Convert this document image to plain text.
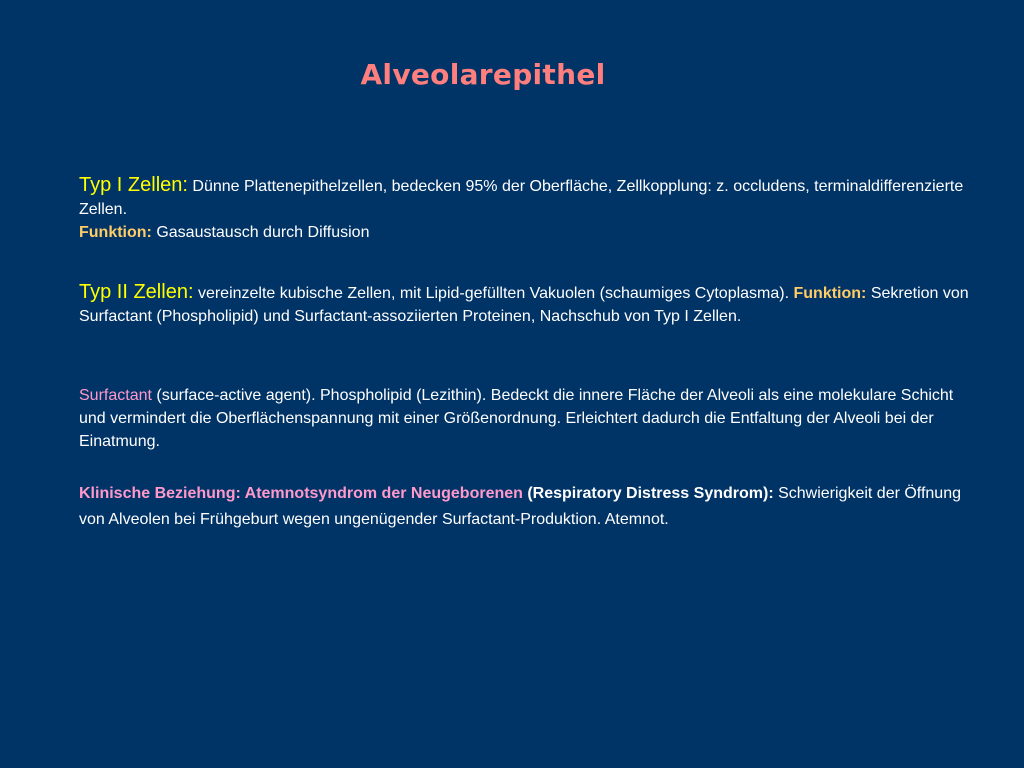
Alveolarepithel
Typ I Zellen: Dünne Plattenepithelzellen, bedecken 95% der Oberfläche, Zellkopplung: z. occludens, terminaldifferenzierte Zellen.
Funktion: Gasaustausch durch Diffusion
Typ II Zellen: vereinzelte kubische Zellen, mit Lipid-gefüllten Vakuolen (schaumiges Cytoplasma). Funktion: Sekretion von Surfactant (Phospholipid) und Surfactant-assoziierten Proteinen, Nachschub von Typ I Zellen.
Surfactant (surface-active agent). Phospholipid (Lezithin). Bedeckt die innere Fläche der Alveoli als eine molekulare Schicht und vermindert die Oberflächenspannung mit einer Größenordnung. Erleichtert dadurch die Entfaltung der Alveoli bei der Einatmung.
Klinische Beziehung: Atemnotsyndrom der Neugeborenen (Respiratory Distress Syndrom): Schwierigkeit der Öffnung von Alveolen bei Frühgeburt wegen ungenügender Surfactant-Produktion. Atemnot.
